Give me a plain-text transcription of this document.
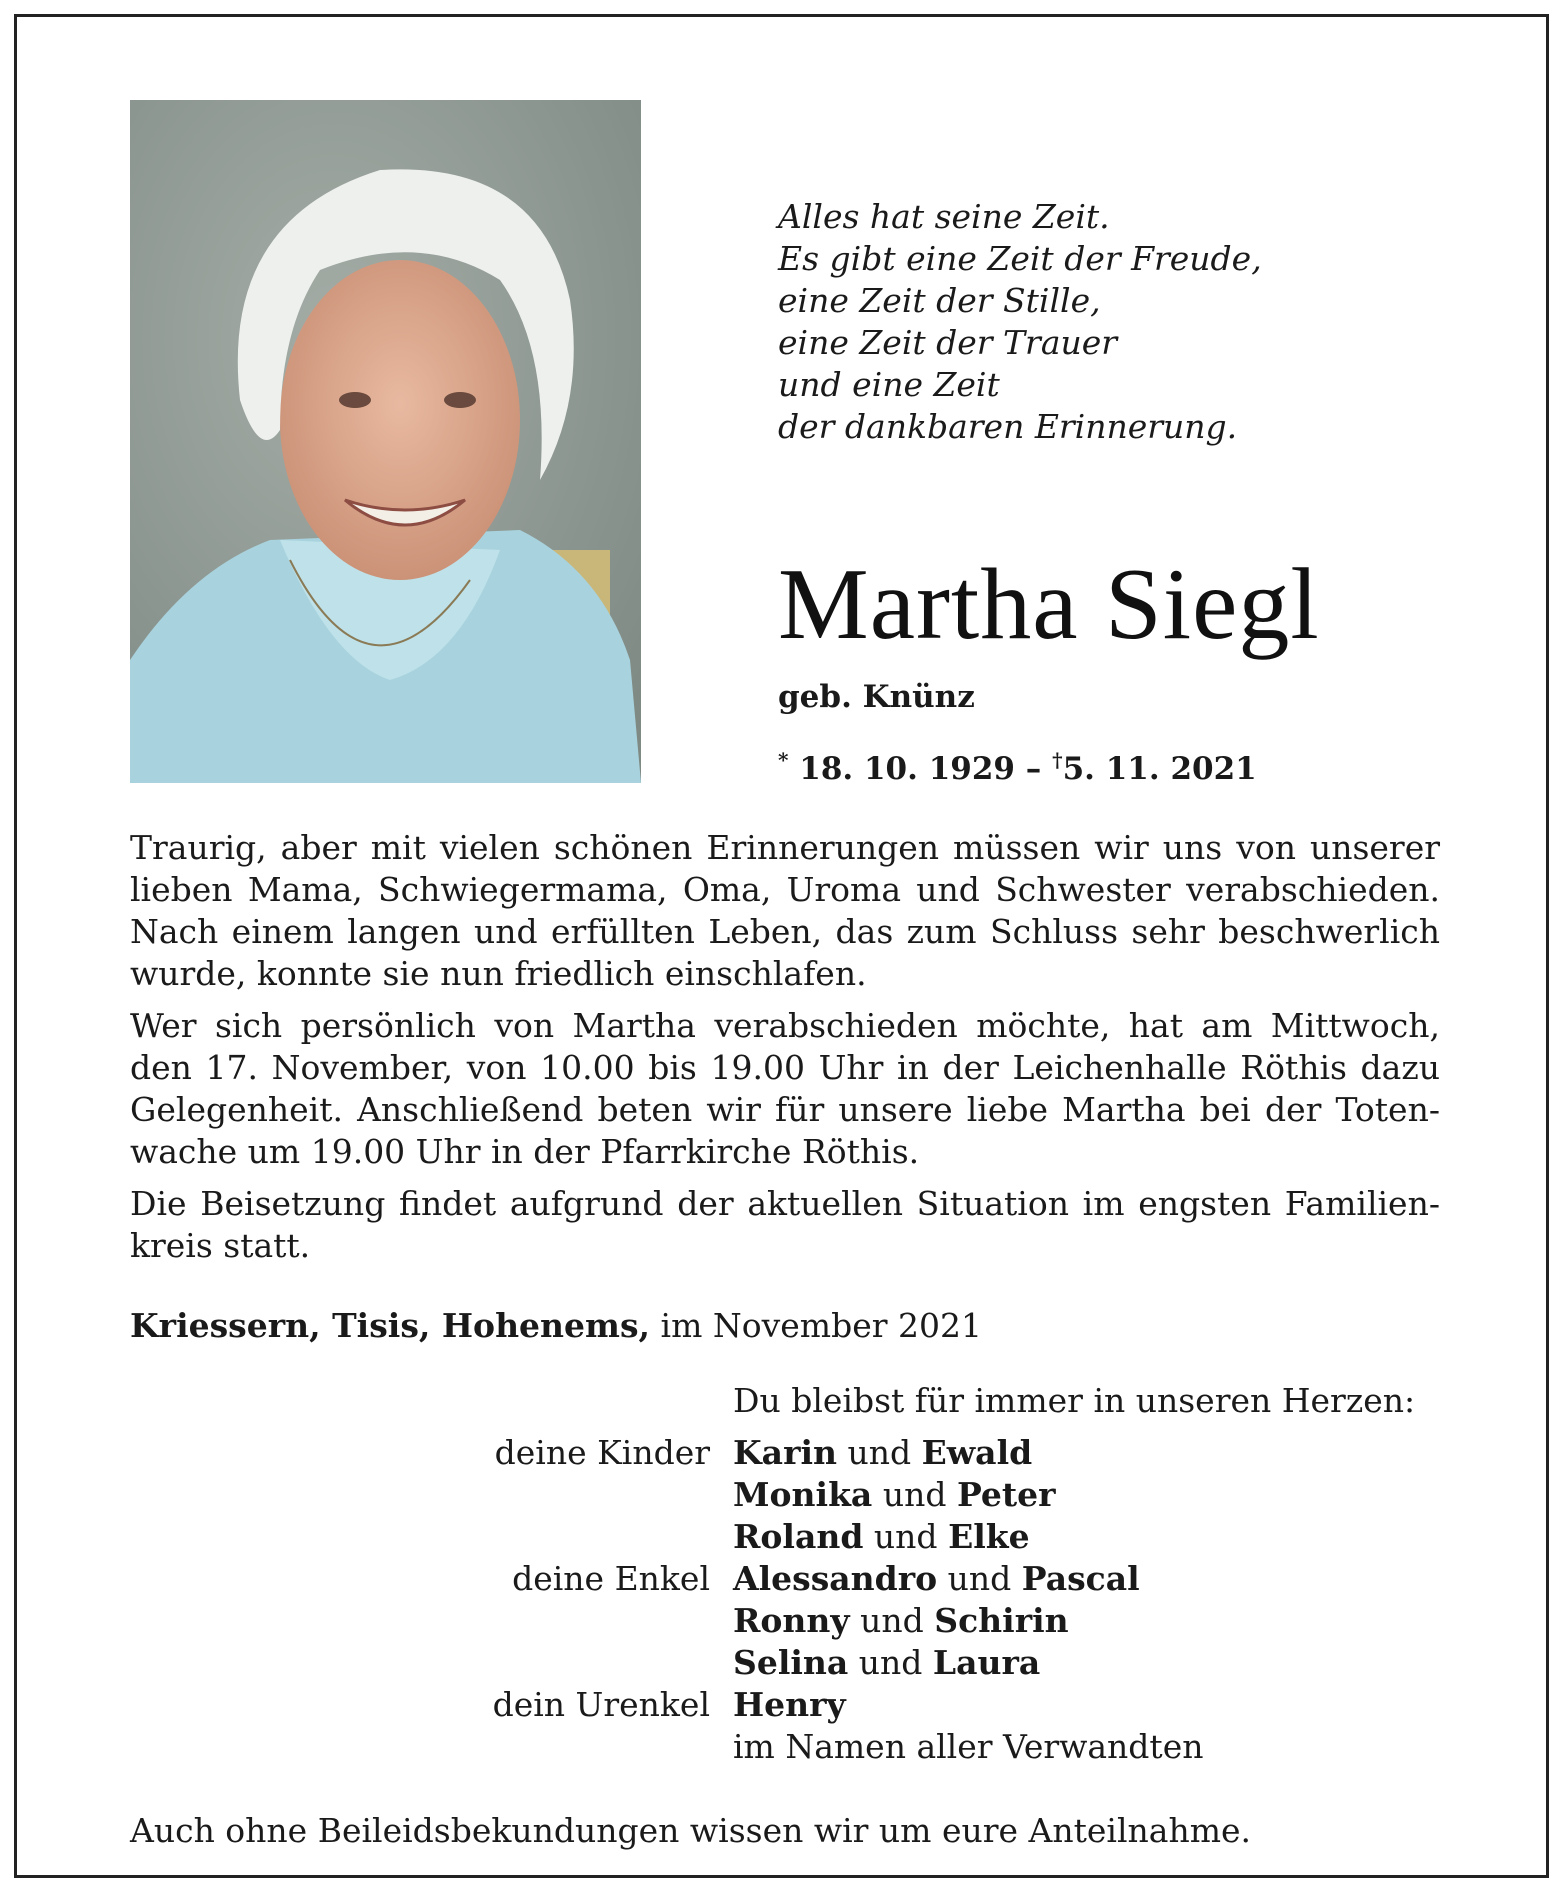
Alles hat seine Zeit.
Es gibt eine Zeit der Freude,
eine Zeit der Stille,
eine Zeit der Trauer
und eine Zeit
der dankbaren Erinnerung.
Martha Siegl
geb. Knünz
* 18. 10. 1929 – †5. 11. 2021

Traurig, aber mit vielen schönen Erinnerungen müssen wir uns von unserer
lieben Mama, Schwiegermama, Oma, Uroma und Schwester verabschieden.
Nach einem langen und erfüllten Leben, das zum Schluss sehr beschwerlich
wurde, konnte sie nun friedlich einschlafen.

Wer sich persönlich von Martha verabschieden möchte, hat am Mittwoch,
den 17. November, von 10.00 bis 19.00 Uhr in der Leichenhalle Röthis dazu
Gelegenheit. Anschließend beten wir für unsere liebe Martha bei der Toten-
wache um 19.00 Uhr in der Pfarrkirche Röthis.

Die Beisetzung findet aufgrund der aktuellen Situation im engsten Familien-
kreis statt.

Kriessern, Tisis, Hohenems, im November 2021
Du bleibst für immer in unseren Herzen:
deine Kinder Karin und Ewald
Monika und Peter
Roland und Elke
deine Enkel Alessandro und Pascal
Ronny und Schirin
Selina und Laura
dein Urenkel Henry
im Namen aller Verwandten
Auch ohne Beileidsbekundungen wissen wir um eure Anteilnahme.
